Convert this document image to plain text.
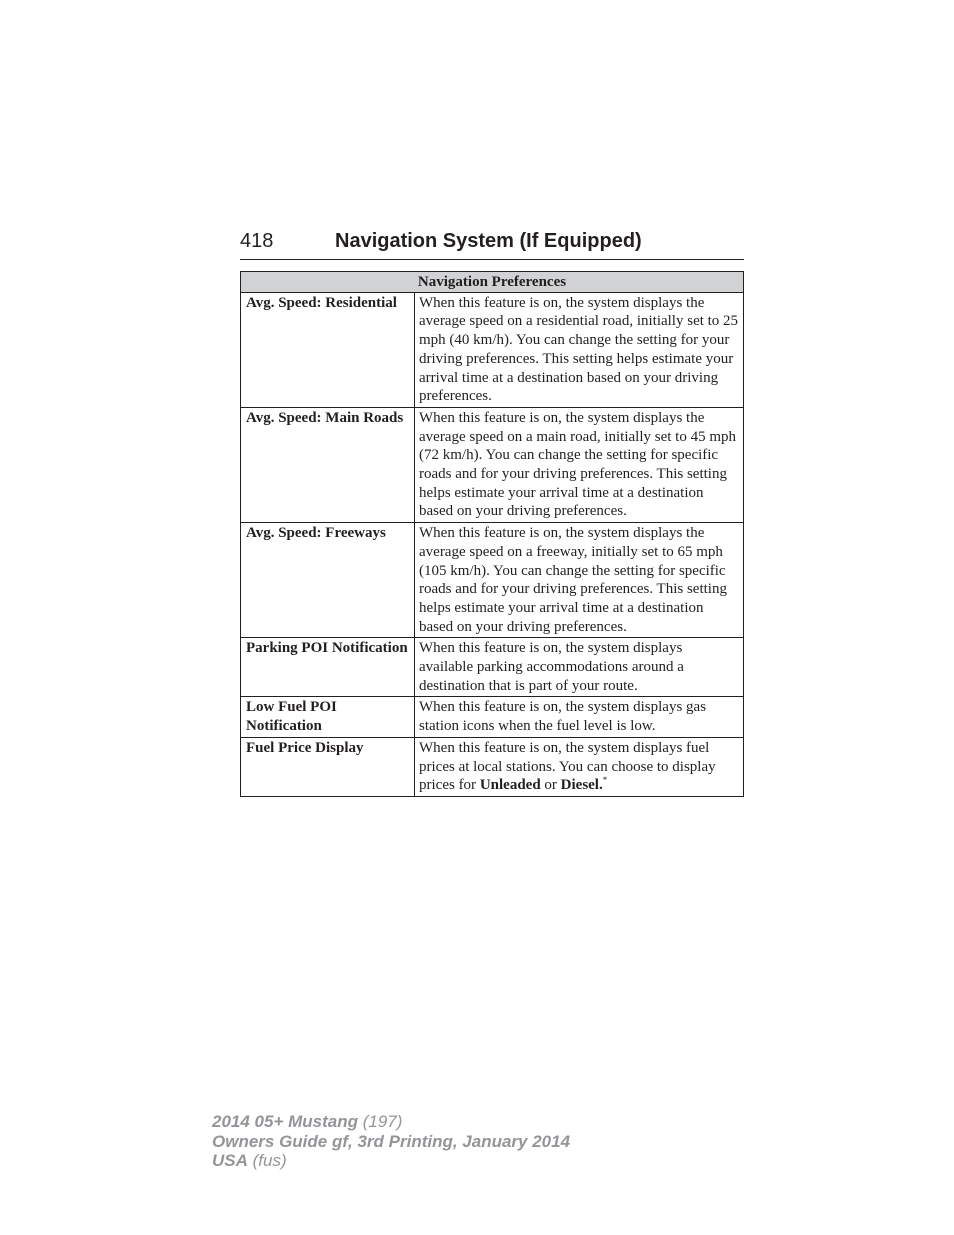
418	Navigation System (If Equipped)
Navigation Preferences	
Avg. Speed: Residential	When this feature is on, the system displays the average speed on a residential road, initially set to 25 mph (40 km/h). You can change the setting for your driving preferences. This setting helps estimate your arrival time at a destination based on your driving preferences.
Avg. Speed: Main Roads	When this feature is on, the system displays the average speed on a main road, initially set to 45 mph (72 km/h). You can change the setting for specific roads and for your driving preferences. This setting helps estimate your arrival time at a destination based on your driving preferences.
Avg. Speed: Freeways	When this feature is on, the system displays the average speed on a freeway, initially set to 65 mph (105 km/h). You can change the setting for specific roads and for your driving preferences. This setting helps estimate your arrival time at a destination based on your driving preferences.
Parking POI Notification	When this feature is on, the system displays available parking accommodations around a destination that is part of your route.
Low Fuel POI Notification	When this feature is on, the system displays gas station icons when the fuel level is low.
Fuel Price Display	When this feature is on, the system displays fuel prices at local stations. You can choose to display prices for Unleaded or Diesel.*
2014 05+ Mustang (197)
Owners Guide gf, 3rd Printing, January 2014
USA (fus)
